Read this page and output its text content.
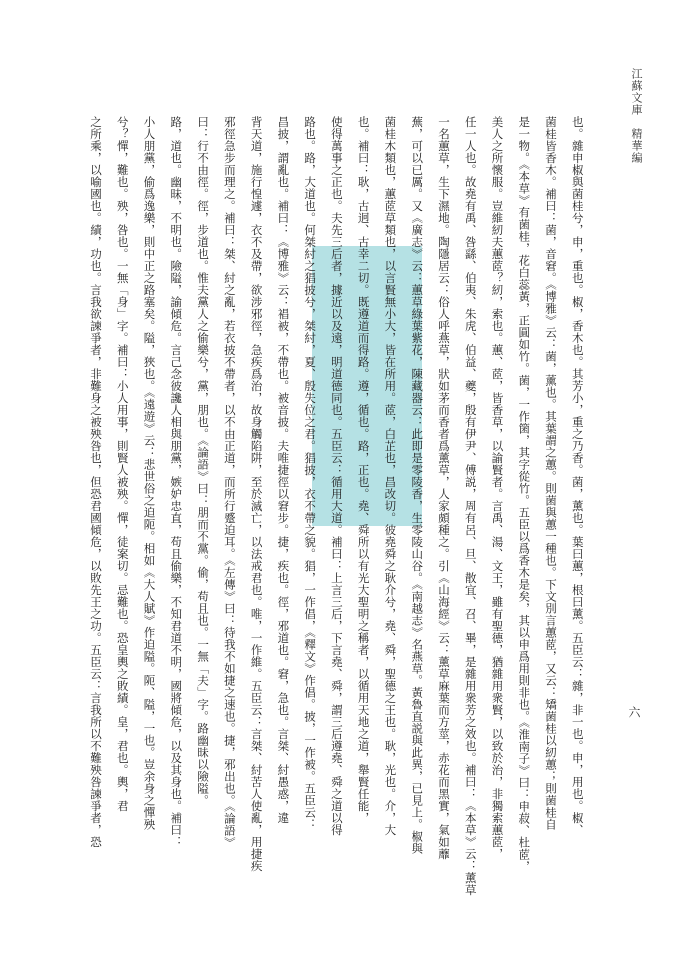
江蘇文庫　精華編
六
也。雜申椒與菌桂兮，申，重也。椒，香木也。其芳小，重之乃香。菌，薰也。葉曰蕙，根曰薰。五臣云：雜，非一也。申，用也。椒、
菌桂皆香木。補曰：菌，音窘。《博雅》云：菌，薰也。其葉謂之蕙。則菌與蕙一種也。下文別言蕙茝，又云：矯菌桂以紉蕙；則菌桂自
是一物。《本草》有菌桂，花白蕊黃，正圓如竹。菌，一作箘，其字從竹。五臣以爲香木是矣，其以申爲用則非也。《淮南子》曰：申菽、杜茝，
美人之所懷服。豈維紉夫蕙茝？紉，索也。蕙、茝，皆香草，以諭賢者。言禹、湯、文王，雖有聖德，猶雜用衆賢，以致於治，非獨索蕙茝，
任一人也。故堯有禹、咎繇、伯夷、朱虎、伯益、夔，殷有伊尹、傅説，周有呂、旦、散宜、召、畢，是雜用衆芳之效也。補曰：《本草》云：薰草
一名蕙草，生下濕地。陶隱居云：俗人呼燕草，狀如茅而香者爲薰草，人家頗種之。引《山海經》云：薰草麻葉而方莖，赤花而黑實，氣如蘼
蕪，可以已厲。又《廣志》云：蕙草綠葉紫花，陳藏器云：此即是零陵香，生零陵山谷。《南越志》名燕草。黃魯直説與此異，已見上。椒與
菌桂木類也，蕙茝草類也，以言賢無小大，皆在所用。茝，白芷也，昌改切。彼堯舜之耿介兮，堯、舜，聖德之王也。耿，光也。介，大
也。補曰：耿，古迥、古幸二切。既遵道而得路。遵，循也。路，正也。堯、舜所以有光大聖明之稱者，以循用天地之道，舉賢任能，
使得萬事之正也。夫先三后者，據近以及遠，明道德同也。五臣云：循用大道。補曰：上言三后，下言堯、舜，謂三后遵堯、舜之道以得
路也。路，大道也。何桀紂之猖披兮，桀紂，夏、殷失位之君。猖披，衣不帶之貌。猖，一作倡，《釋文》作倡。披，一作被。五臣云：
昌披，謂亂也。補曰：《博雅》云：裮被，不帶也。被音披。夫唯捷徑以窘步。捷，疾也。徑，邪道也。窘，急也。言桀、紂愚惑，違
背天道，施行惶遽，衣不及帶，欲涉邪徑，急疾爲治，故身觸陷阱，至於滅亡，以法戒君也。唯，一作維。五臣云：言桀、紂苦人使亂，用捷疾
邪徑急步而理之。補曰：桀、紂之亂，若衣披不帶者，以不由正道，而所行蹙迫耳。《左傳》曰：待我不如捷之速也。捷，邪出也。《論語》
曰：行不由徑。徑，步道也。惟夫黨人之偷樂兮，黨，朋也。《論語》曰：朋而不黨。偷，苟且也。一無「夫」字。路幽昧以險隘。
路，道也。幽昧，不明也。險隘，諭傾危。言己念彼讒人相與朋黨，嫉妒忠直，苟且偷樂，不知君道不明，國將傾危，以及其身也。補曰：
小人朋黨，偷爲逸樂，則中正之路塞矣。隘，狹也。《遠遊》云：悲世俗之迫阨。相如《大人賦》作迫隘。阨、隘，一也。豈余身之憚殃
兮？憚，難也。殃，咎也。一無「身」字。補曰：小人用事，則賢人被殃。憚，徒案切。忌難也。恐皇輿之敗績。皇，君也。輿，君
之所乘，以喻國也。績，功也。言我欲諫爭者，非難身之被殃咎也，但恐君國傾危，以敗先王之功。五臣云：言我所以不難殃咎諫爭者，恐
